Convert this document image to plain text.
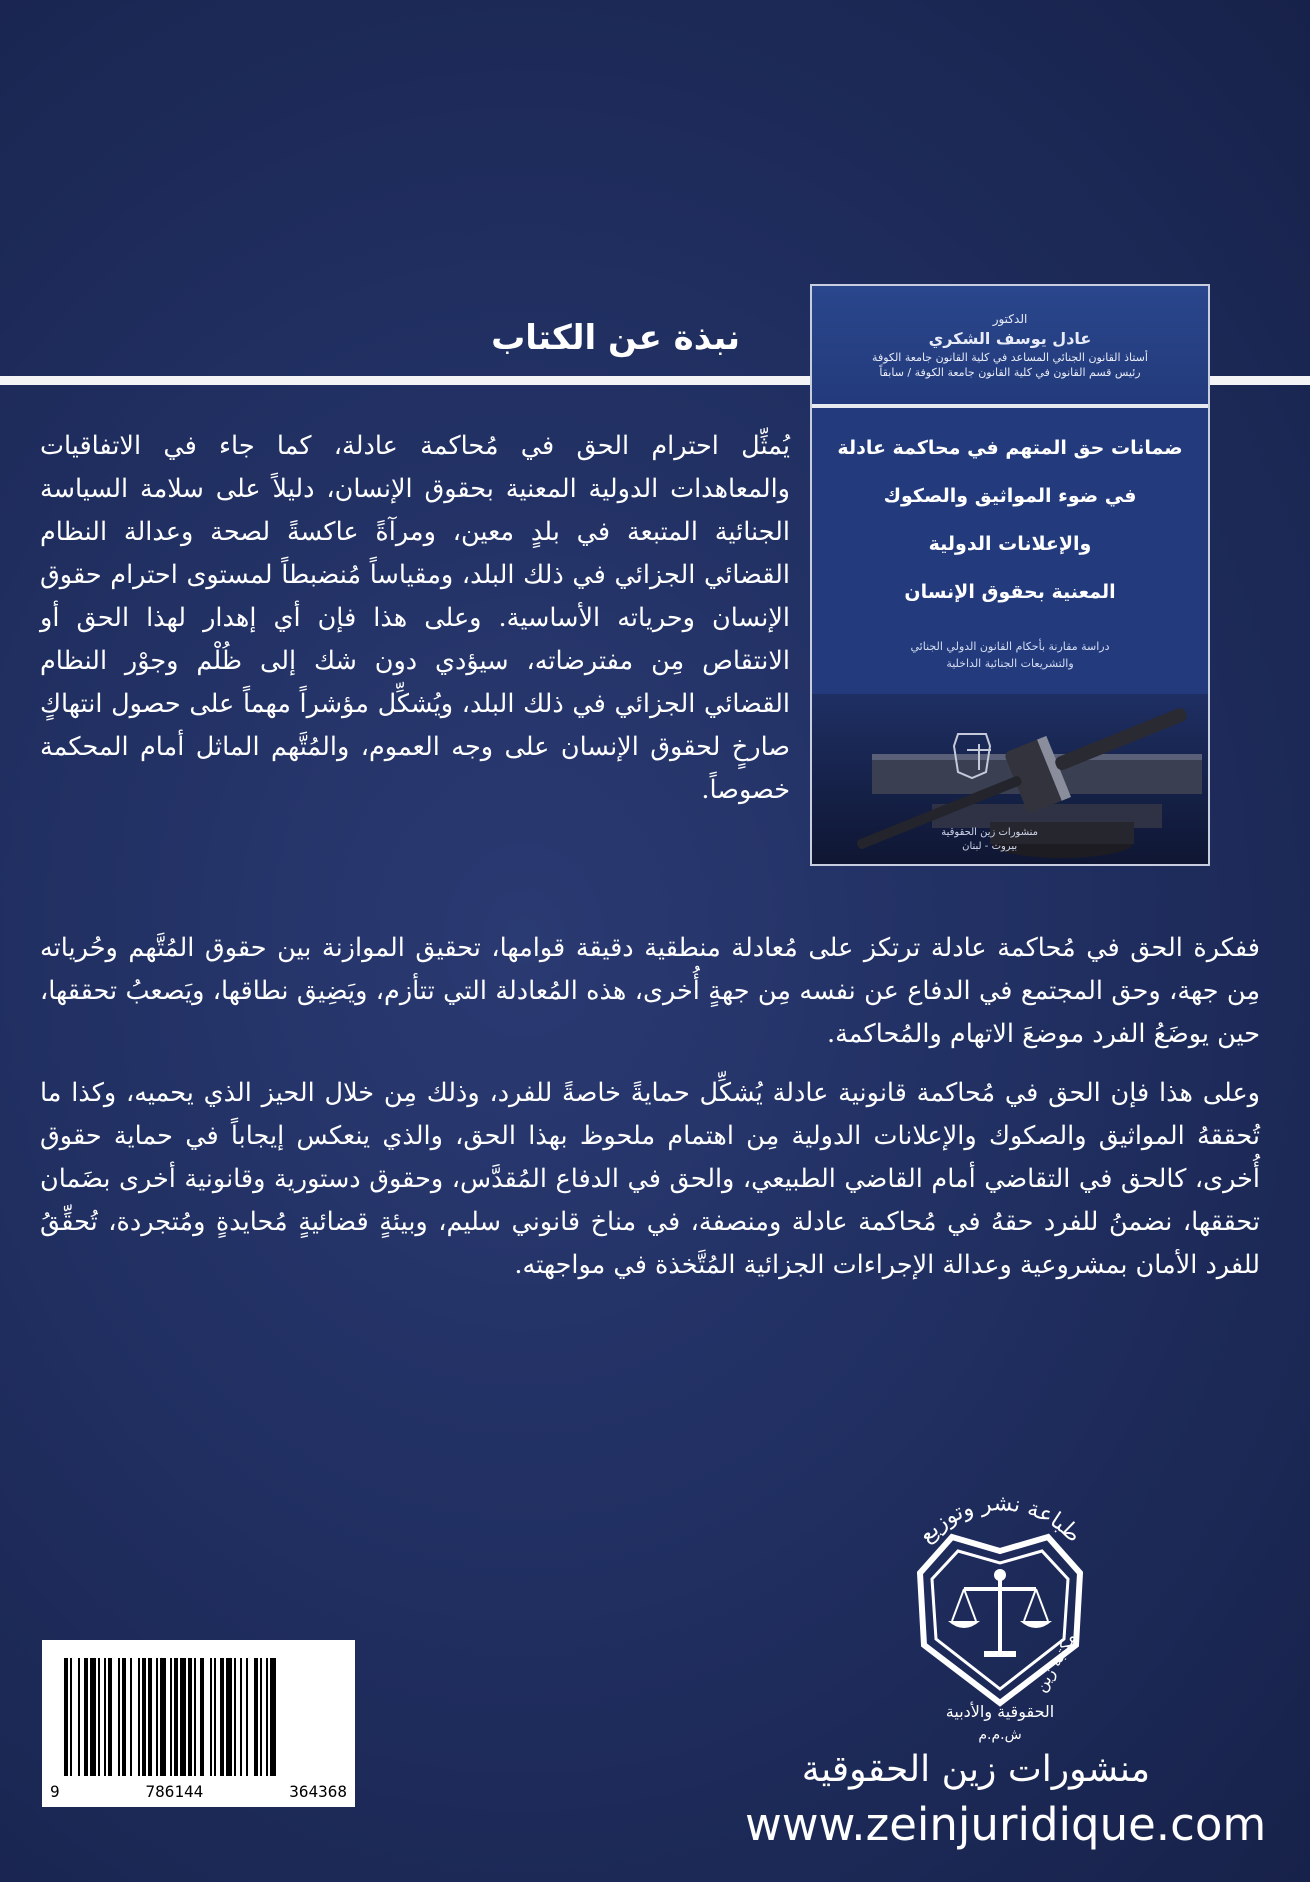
نبذة عن الكتاب	الدكتور
عادل يوسف الشكري
أستاذ القانون الجنائي المساعد في كلية القانون جامعة الكوفة
رئيس قسم القانون في كلية القانون جامعة الكوفة / سابقاً
ضمانات حق المتهم في محاكمة عادلة
في ضوء المواثيق والصكوك
والإعلانات الدولية
المعنية بحقوق الإنسان
دراسة مقارنة بأحكام القانون الدولي الجنائي
والتشريعات الجنائية الداخلية
منشورات زين الحقوقية
بيروت - لبنان

يُمثِّل احترام الحق في مُحاكمة عادلة، كما جاء في الاتفاقيات والمعاهدات الدولية المعنية بحقوق الإنسان، دليلاً على سلامة السياسة الجنائية المتبعة في بلدٍ معين، ومرآةً عاكسةً لصحة وعدالة النظام القضائي الجزائي في ذلك البلد، ومقياساً مُنضبطاً لمستوى احترام حقوق الإنسان وحرياته الأساسية. وعلى هذا فإن أي إهدار لهذا الحق أو الانتقاص مِن مفترضاته، سيؤدي دون شك إلى ظُلْم وجوْر النظام القضائي الجزائي في ذلك البلد، ويُشكِّل مؤشراً مهماً على حصول انتهاكٍ صارخٍ لحقوق الإنسان على وجه العموم، والمُتَّهم الماثل أمام المحكمة خصوصاً.

ففكرة الحق في مُحاكمة عادلة ترتكز على مُعادلة منطقية دقيقة قوامها، تحقيق الموازنة بين حقوق المُتَّهم وحُرياته مِن جهة، وحق المجتمع في الدفاع عن نفسه مِن جهةٍ أُخرى، هذه المُعادلة التي تتأزم، ويَضِيق نطاقها، ويَصعبُ تحققها، حين يوضَعُ الفرد موضعَ الاتهام والمُحاكمة.

وعلى هذا فإن الحق في مُحاكمة قانونية عادلة يُشكِّل حمايةً خاصةً للفرد، وذلك مِن خلال الحيز الذي يحميه، وكذا ما تُحققهُ المواثيق والصكوك والإعلانات الدولية مِن اهتمام ملحوظ بهذا الحق، والذي ينعكس إيجاباً في حماية حقوق أُخرى، كالحق في التقاضي أمام القاضي الطبيعي، والحق في الدفاع المُقدَّس، وحقوق دستورية وقانونية أخرى بضَمان تحققها، نضمنُ للفرد حقهُ في مُحاكمة عادلة ومنصفة، في مناخ قانوني سليم، وبيئةٍ قضائيةٍ مُحايدةٍ ومُتجردة، تُحقِّقُ للفرد الأمان بمشروعية وعدالة الإجراءات الجزائية المُتَّخذة في مواجهته.

طباعة نشر وتوزيع
مكتبة زين
الحقوقية والأدبية
ش.م.م
9	786144	364368
منشورات زين الحقوقية
www.zeinjuridique.com
